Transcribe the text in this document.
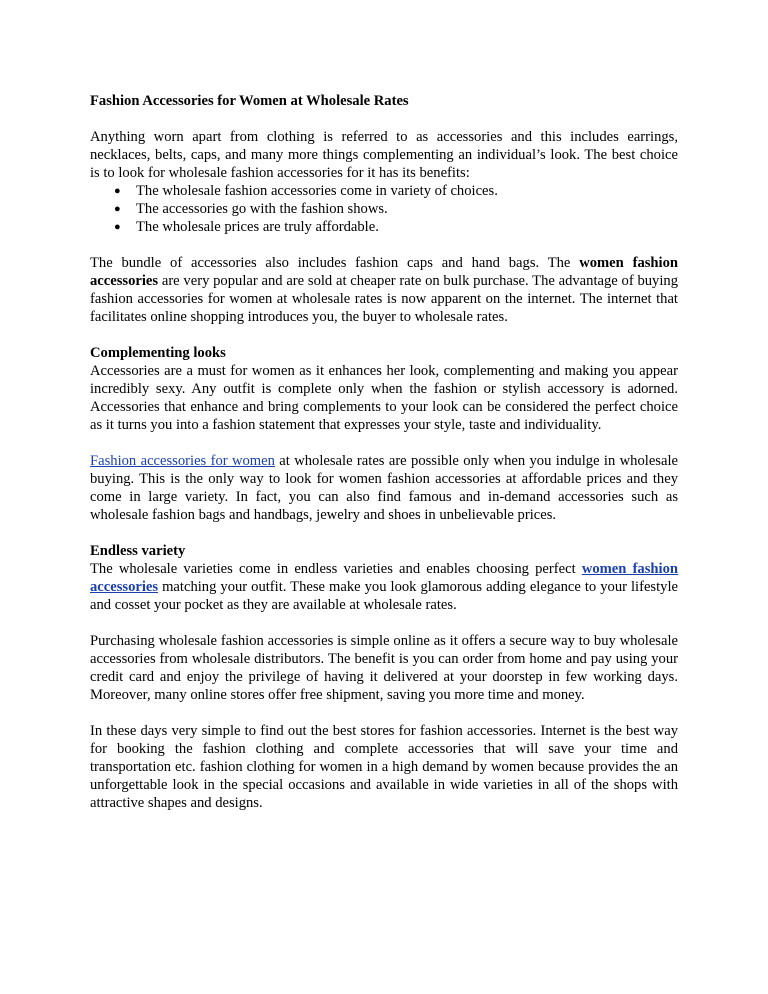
Fashion Accessories for Women at Wholesale Rates

Anything worn apart from clothing is referred to as accessories and this includes earrings, necklaces, belts, caps, and many more things complementing an individual’s look. The best choice is to look for wholesale fashion accessories for it has its benefits:

● The wholesale fashion accessories come in variety of choices.
● The accessories go with the fashion shows.
● The wholesale prices are truly affordable.

The bundle of accessories also includes fashion caps and hand bags. The women fashion accessories are very popular and are sold at cheaper rate on bulk purchase. The advantage of buying fashion accessories for women at wholesale rates is now apparent on the internet. The internet that facilitates online shopping introduces you, the buyer to wholesale rates.

Complementing looks

Accessories are a must for women as it enhances her look, complementing and making you appear incredibly sexy. Any outfit is complete only when the fashion or stylish accessory is adorned. Accessories that enhance and bring complements to your look can be considered the perfect choice as it turns you into a fashion statement that expresses your style, taste and individuality.

Fashion accessories for women at wholesale rates are possible only when you indulge in wholesale buying. This is the only way to look for women fashion accessories at affordable prices and they come in large variety. In fact, you can also find famous and in-demand accessories such as wholesale fashion bags and handbags, jewelry and shoes in unbelievable prices.

Endless variety

The wholesale varieties come in endless varieties and enables choosing perfect women fashion accessories matching your outfit. These make you look glamorous adding elegance to your lifestyle and cosset your pocket as they are available at wholesale rates.

Purchasing wholesale fashion accessories is simple online as it offers a secure way to buy wholesale accessories from wholesale distributors. The benefit is you can order from home and pay using your credit card and enjoy the privilege of having it delivered at your doorstep in few working days. Moreover, many online stores offer free shipment, saving you more time and money.

In these days very simple to find out the best stores for fashion accessories. Internet is the best way for booking the fashion clothing and complete accessories that will save your time and transportation etc. fashion clothing for women in a high demand by women because provides the an unforgettable look in the special occasions and available in wide varieties in all of the shops with attractive shapes and designs.
